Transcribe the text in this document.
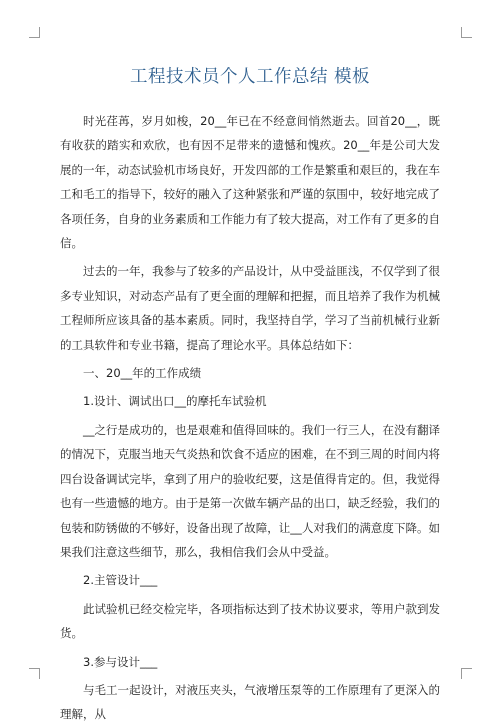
工程技术员个人工作总结 模板

时光荏苒，岁月如梭，20__年已在不经意间悄然逝去。回首20__，既有收获的踏实和欢欣，也有因不足带来的遗憾和愧疚。20__年是公司大发展的一年，动态试验机市场良好，开发四部的工作是繁重和艰巨的，我在车工和毛工的指导下，较好的融入了这种紧张和严谨的氛围中，较好地完成了各项任务，自身的业务素质和工作能力有了较大提高，对工作有了更多的自信。

过去的一年，我参与了较多的产品设计，从中受益匪浅，不仅学到了很多专业知识，对动态产品有了更全面的理解和把握，而且培养了我作为机械工程师所应该具备的基本素质。同时，我坚持自学，学习了当前机械行业新的工具软件和专业书籍，提高了理论水平。具体总结如下：

一、20__年的工作成绩

1.设计、调试出口__的摩托车试验机

__之行是成功的，也是艰难和值得回味的。我们一行三人，在没有翻译的情况下，克服当地天气炎热和饮食不适应的困难，在不到三周的时间内将四台设备调试完毕，拿到了用户的验收纪要，这是值得肯定的。但，我觉得也有一些遗憾的地方。由于是第一次做车辆产品的出口，缺乏经验，我们的包装和防锈做的不够好，设备出现了故障，让__人对我们的满意度下降。如果我们注意这些细节，那么，我相信我们会从中受益。

2.主管设计___

此试验机已经交检完毕，各项指标达到了技术协议要求，等用户款到发货。

3.参与设计___

与毛工一起设计，对液压夹头，气液增压泵等的工作原理有了更深入的理解，从
